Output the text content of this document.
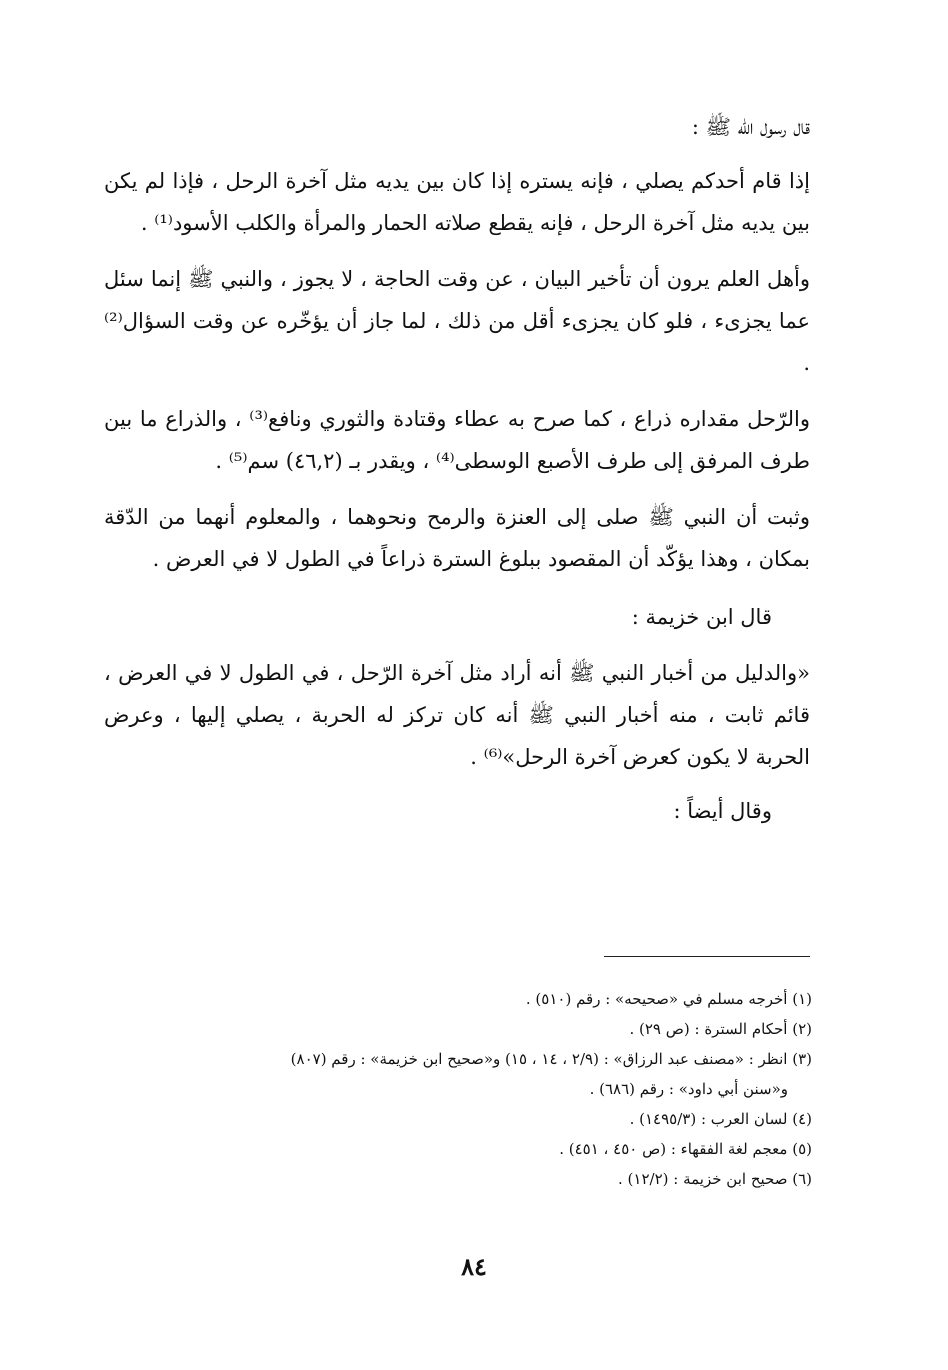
قال رسول الله ﷺ :

إذا قام أحدكم يصلي ، فإنه يستره إذا كان بين يديه مثل آخرة الرحل ، فإذا لم يكن بين يديه مثل آخرة الرحل ، فإنه يقطع صلاته الحمار والمرأة والكلب الأسود⁽¹⁾ .

وأهل العلم يرون أن تأخير البيان ، عن وقت الحاجة ، لا يجوز ، والنبي ﷺ إنما سئل عما يجزىء ، فلو كان يجزىء أقل من ذلك ، لما جاز أن يؤخّره عن وقت السؤال⁽²⁾ .

والرّحل مقداره ذراع ، كما صرح به عطاء وقتادة والثوري ونافع⁽³⁾ ، والذراع ما بين طرف المرفق إلى طرف الأصبع الوسطى⁽⁴⁾ ، ويقدر بـ (٤٦,٢) سم⁽⁵⁾ .

وثبت أن النبي ﷺ صلى إلى العنزة والرمح ونحوهما ، والمعلوم أنهما من الدّقة بمكان ، وهذا يؤكّد أن المقصود ببلوغ السترة ذراعاً في الطول لا في العرض .

قال ابن خزيمة :

«والدليل من أخبار النبي ﷺ أنه أراد مثل آخرة الرّحل ، في الطول لا في العرض ، قائم ثابت ، منه أخبار النبي ﷺ أنه كان تركز له الحربة ، يصلي إليها ، وعرض الحربة لا يكون كعرض آخرة الرحل»⁽⁶⁾ .

وقال أيضاً :

(١) أخرجه مسلم في «صحيحه» : رقم (٥١٠) .

(٢) أحكام السترة : (ص ٢٩) .

(٣) انظر : «مصنف عبد الرزاق» : (٢/٩ ، ١٤ ، ١٥) و«صحيح ابن خزيمة» : رقم (٨٠٧)

و«سنن أبي داود» : رقم (٦٨٦) .

(٤) لسان العرب : (١٤٩٥/٣) .

(٥) معجم لغة الفقهاء : (ص ٤٥٠ ، ٤٥١) .

(٦) صحيح ابن خزيمة : (١٢/٢) .

٨٤
